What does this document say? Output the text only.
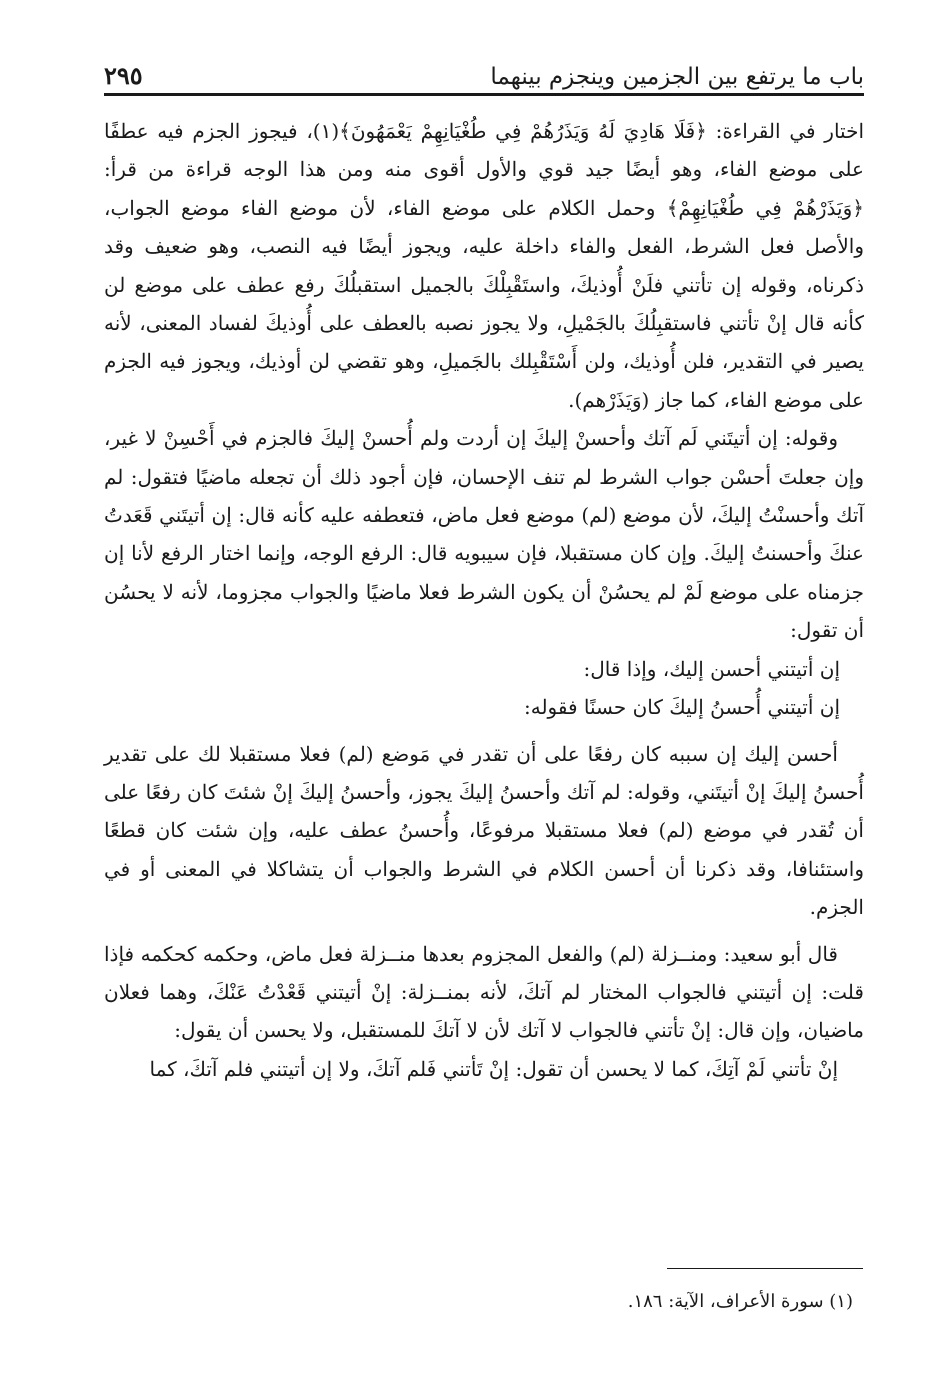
باب ما يرتفع بين الجزمين وينجزم بينهما
٢٩٥

اختار في القراءة: ﴿فَلَا هَادِيَ لَهُ وَيَذَرُهُمْ فِي طُغْيَانِهِمْ يَعْمَهُونَ﴾(١)، فيجوز الجزم فيه عطفًا على موضع الفاء، وهو أيضًا جيد قوي والأول أقوى منه ومن هذا الوجه قراءة من قرأ: ﴿وَيَذَرْهُمْ فِي طُغْيَانِهِمْ﴾ وحمل الكلام على موضع الفاء، لأن موضع الفاء موضع الجواب، والأصل فعل الشرط، الفعل والفاء داخلة عليه، ويجوز أيضًا فيه النصب، وهو ضعيف وقد ذكرناه، وقوله إن تأتني فلَنْ أُوذيكَ، واستَقْبِلْكَ بالجميل استقبلُكَ رفع عطف على موضع لن كأنه قال إنْ تأتني فاستقبِلُكَ بالجَمْيلِ، ولا يجوز نصبه بالعطف على أُوذيكَ لفساد المعنى، لأنه يصير في التقدير، فلن أُوذيك، ولن أَسْتَقْبِلك بالجَميلِ، وهو تقضي لن أوذيك، ويجوز فيه الجزم على موضع الفاء، كما جاز (وَيَذَرْهم).

وقوله: إن أتيتَني لَم آتك وأحسنْ إليكَ إن أردت ولم أُحسنْ إليكَ فالجزم في أَحْسِنْ لا غير، وإن جعلتَ أحسْن جواب الشرط لم تنف الإحسان، فإن أجود ذلك أن تجعله ماضيًا فتقول: لم آتك وأحسنْتُ إليكَ، لأن موضع (لم) موضع فعل ماض، فتعطفه عليه كأنه قال: إن أتيتَني قَعَدتُ عنكَ وأحسنتُ إليكَ. وإن كان مستقبلا، فإن سيبويه قال: الرفع الوجه، وإنما اختار الرفع لأنا إن جزمناه على موضع لَمْ لم يحسُنْ أن يكون الشرط فعلا ماضيًا والجواب مجزوما، لأنه لا يحسُن أن تقول:

إن أتيتني أحسن إليك، وإذا قال:

إن أتيتني أُحسنُ إليكَ كان حسنًا فقوله:

أحسن إليك إن سببه كان رفعًا على أن تقدر في مَوضع (لم) فعلا مستقبلا لك على تقدير أُحسنُ إليكَ إنْ أتيتَني، وقوله: لم آتك وأحسنُ إليكَ يجوز، وأحسنُ إليكَ إنْ شئتَ كان رفعًا على أن تُقدر في موضع (لم) فعلا مستقبلا مرفوعًا، وأُحسنُ عطف عليه، وإن شئت كان قطعًا واستئنافا، وقد ذكرنا أن أحسن الكلام في الشرط والجواب أن يتشاكلا في المعنى أو في الجزم.

قال أبو سعيد: ومنــزلة (لم) والفعل المجزوم بعدها منــزلة فعل ماض، وحكمه كحكمه فإذا قلت: إن أتيتني فالجواب المختار لم آتكَ، لأنه بمنــزلة: إنْ أتيتني قَعْدْتُ عَنْكَ، وهما فعلان ماضيان، وإن قال: إنْ تأتني فالجواب لا آتك لأن لا آتكَ للمستقبل، ولا يحسن أن يقول:

إنْ تأتني لَمْ آتِكَ، كما لا يحسن أن تقول: إنْ تَأتني فَلم آتكَ، ولا إن أتيتني فلم آتكَ، كما

(١) سورة الأعراف، الآية: ١٨٦.
